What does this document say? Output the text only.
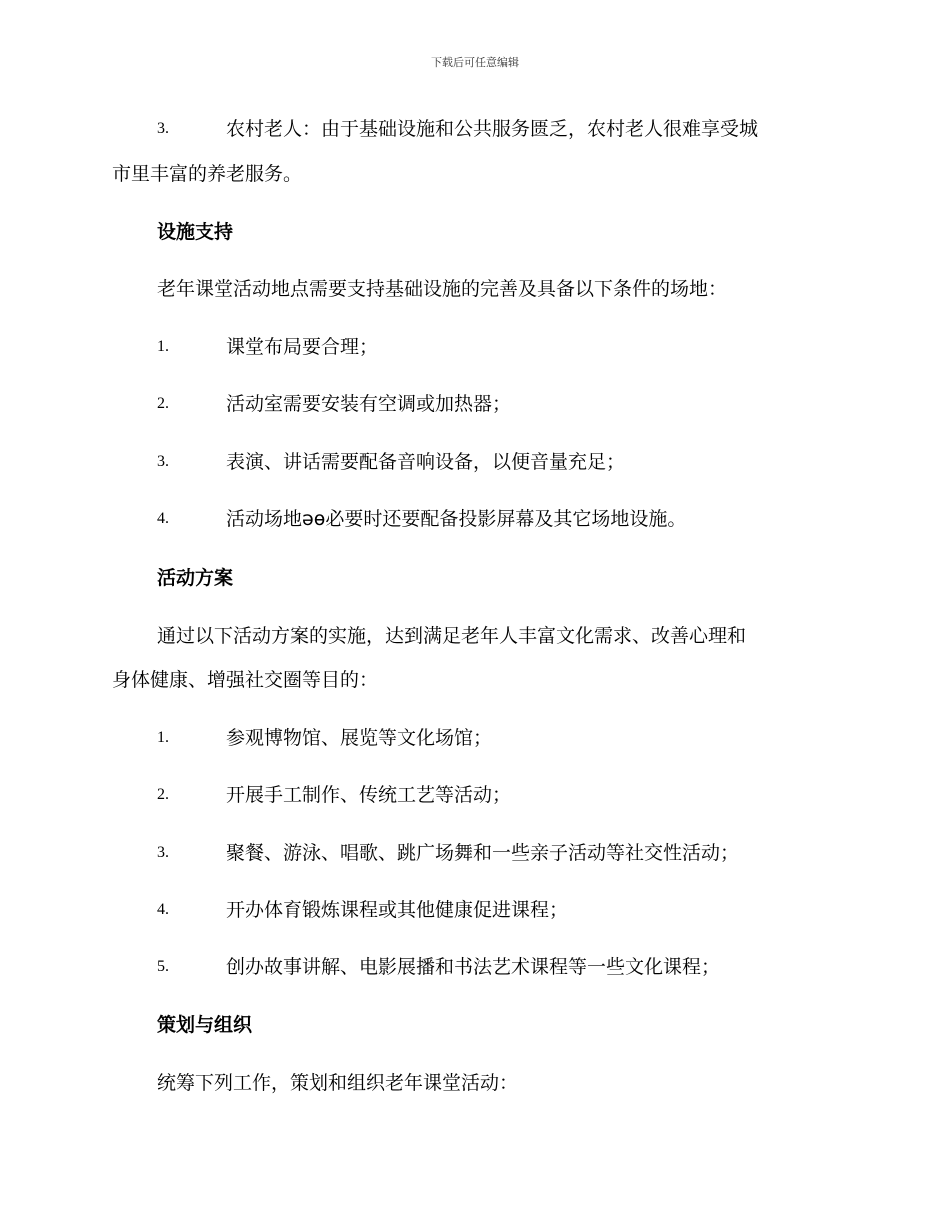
下载后可任意编辑
3.	农村老人：由于基础设施和公共服务匮乏，农村老人很难享受城
市里丰富的养老服务。
设施支持
老年课堂活动地点需要支持基础设施的完善及具备以下条件的场地：
1.	课堂布局要合理；
2.	活动室需要安装有空调或加热器；
3.	表演、讲话需要配备音响设备，以便音量充足；
4.	活动场地əѳ必要时还要配备投影屏幕及其它场地设施。
活动方案
通过以下活动方案的实施，达到满足老年人丰富文化需求、改善心理和
身体健康、增强社交圈等目的：
1.	参观博物馆、展览等文化场馆；
2.	开展手工制作、传统工艺等活动；
3.	聚餐、游泳、唱歌、跳广场舞和一些亲子活动等社交性活动；
4.	开办体育锻炼课程或其他健康促进课程；
5.	创办故事讲解、电影展播和书法艺术课程等一些文化课程；
策划与组织
统筹下列工作，策划和组织老年课堂活动：
